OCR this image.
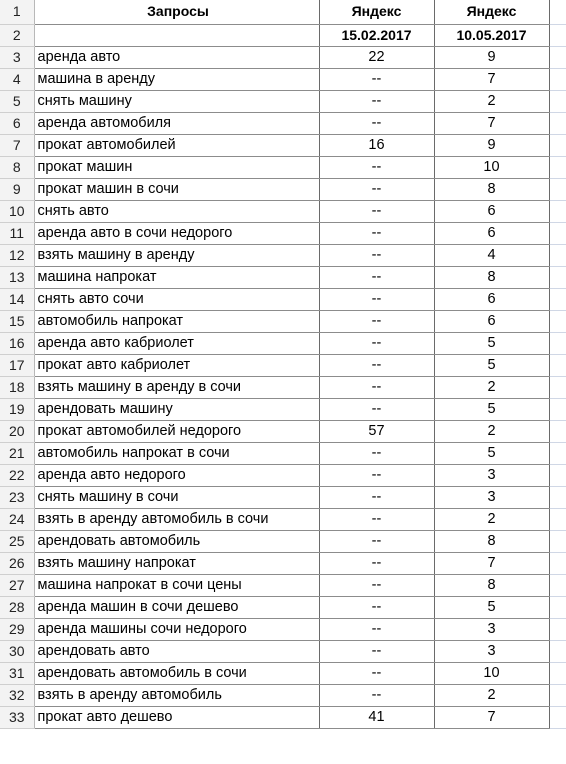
1	Запросы	Яндекс	Яндекс	
2		15.02.2017	10.05.2017	
3	аренда авто	22	9	
4	машина в аренду	--	7	
5	снять машину	--	2	
6	аренда автомобиля	--	7	
7	прокат автомобилей	16	9	
8	прокат машин	--	10	
9	прокат машин в сочи	--	8	
10	снять авто	--	6	
11	аренда авто в сочи недорого	--	6	
12	взять машину в аренду	--	4	
13	машина напрокат	--	8	
14	снять авто сочи	--	6	
15	автомобиль напрокат	--	6	
16	аренда авто кабриолет	--	5	
17	прокат авто кабриолет	--	5	
18	взять машину в аренду в сочи	--	2	
19	арендовать машину	--	5	
20	прокат автомобилей недорого	57	2	
21	автомобиль напрокат в сочи	--	5	
22	аренда авто недорого	--	3	
23	снять машину в сочи	--	3	
24	взять в аренду автомобиль в сочи	--	2	
25	арендовать автомобиль	--	8	
26	взять машину напрокат	--	7	
27	машина напрокат в сочи цены	--	8	
28	аренда машин в сочи дешево	--	5	
29	аренда машины сочи недорого	--	3	
30	арендовать авто	--	3	
31	арендовать автомобиль в сочи	--	10	
32	взять в аренду автомобиль	--	2	
33	прокат авто дешево	41	7	
